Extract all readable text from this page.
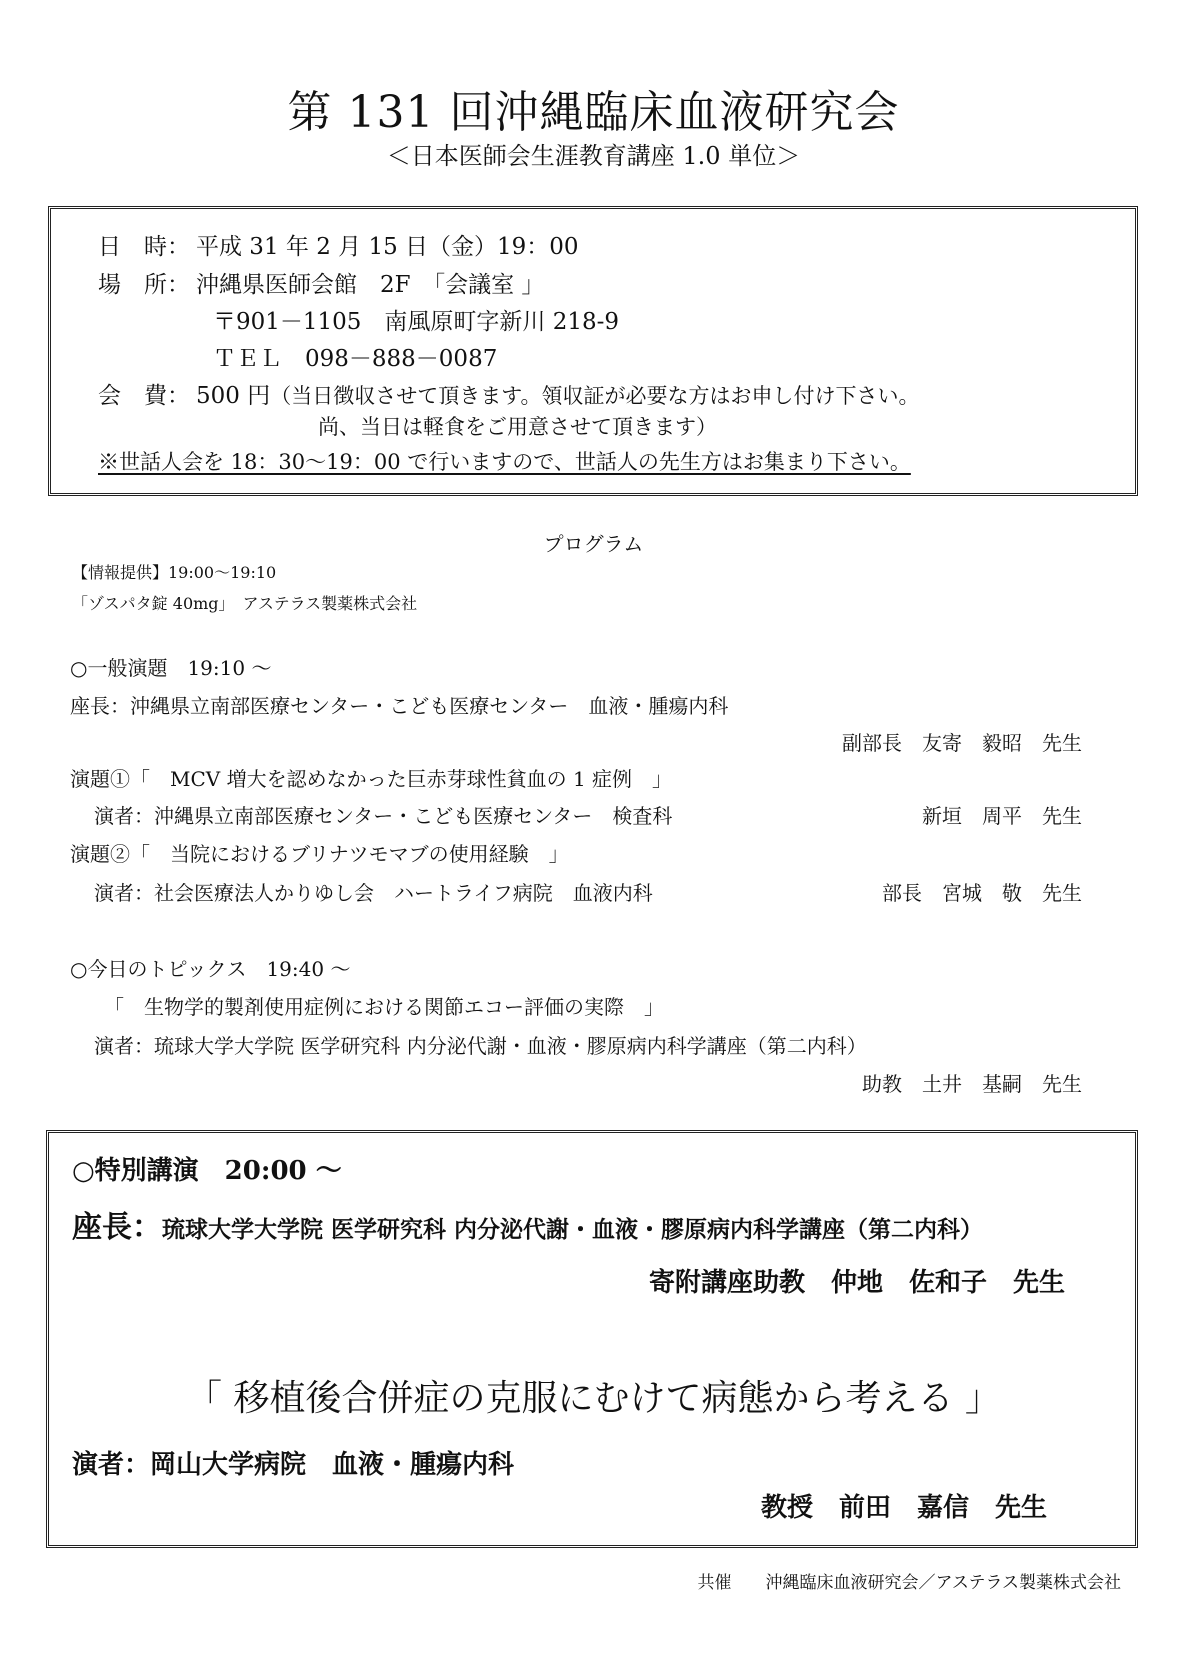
第 131 回沖縄臨床血液研究会
＜日本医師会生涯教育講座 1.0 単位＞
日　時： 平成 31 年 2 月 15 日（金）19：00
場　所： 沖縄県医師会館　2F　「会議室 」
〒901－1105　南風原町字新川 218-9
ＴＥＬ　098－888－0087
会　費： 500 円（当日徴収させて頂きます。領収証が必要な方はお申し付け下さい。
尚、当日は軽食をご用意させて頂きます）
※世話人会を 18：30～19：00 で行いますので、世話人の先生方はお集まり下さい。
プログラム
【情報提供】19:00～19:10
「ゾスパタ錠 40mg」　アステラス製薬株式会社
○一般演題　19:10 ～
座長：沖縄県立南部医療センター・こども医療センター　血液・腫瘍内科
副部長　友寄　毅昭　先生
演題①「　MCV 増大を認めなかった巨赤芽球性貧血の 1 症例　」
演者：沖縄県立南部医療センター・こども医療センター　検査科	新垣　周平　先生
演題②「　当院におけるブリナツモマブの使用経験　」
演者：社会医療法人かりゆし会　ハートライフ病院　血液内科	部長　宮城　敬　先生
○今日のトピックス　19:40 ～
「　生物学的製剤使用症例における関節エコー評価の実際　」
演者：琉球大学大学院 医学研究科 内分泌代謝・血液・膠原病内科学講座（第二内科）
助教　土井　基嗣　先生
○特別講演　20:00 ～
座長：琉球大学大学院 医学研究科 内分泌代謝・血液・膠原病内科学講座（第二内科）
寄附講座助教　仲地　佐和子　先生
「 移植後合併症の克服にむけて病態から考える 」
演者：岡山大学病院　血液・腫瘍内科
教授　前田　嘉信　先生
共催　　沖縄臨床血液研究会／アステラス製薬株式会社
